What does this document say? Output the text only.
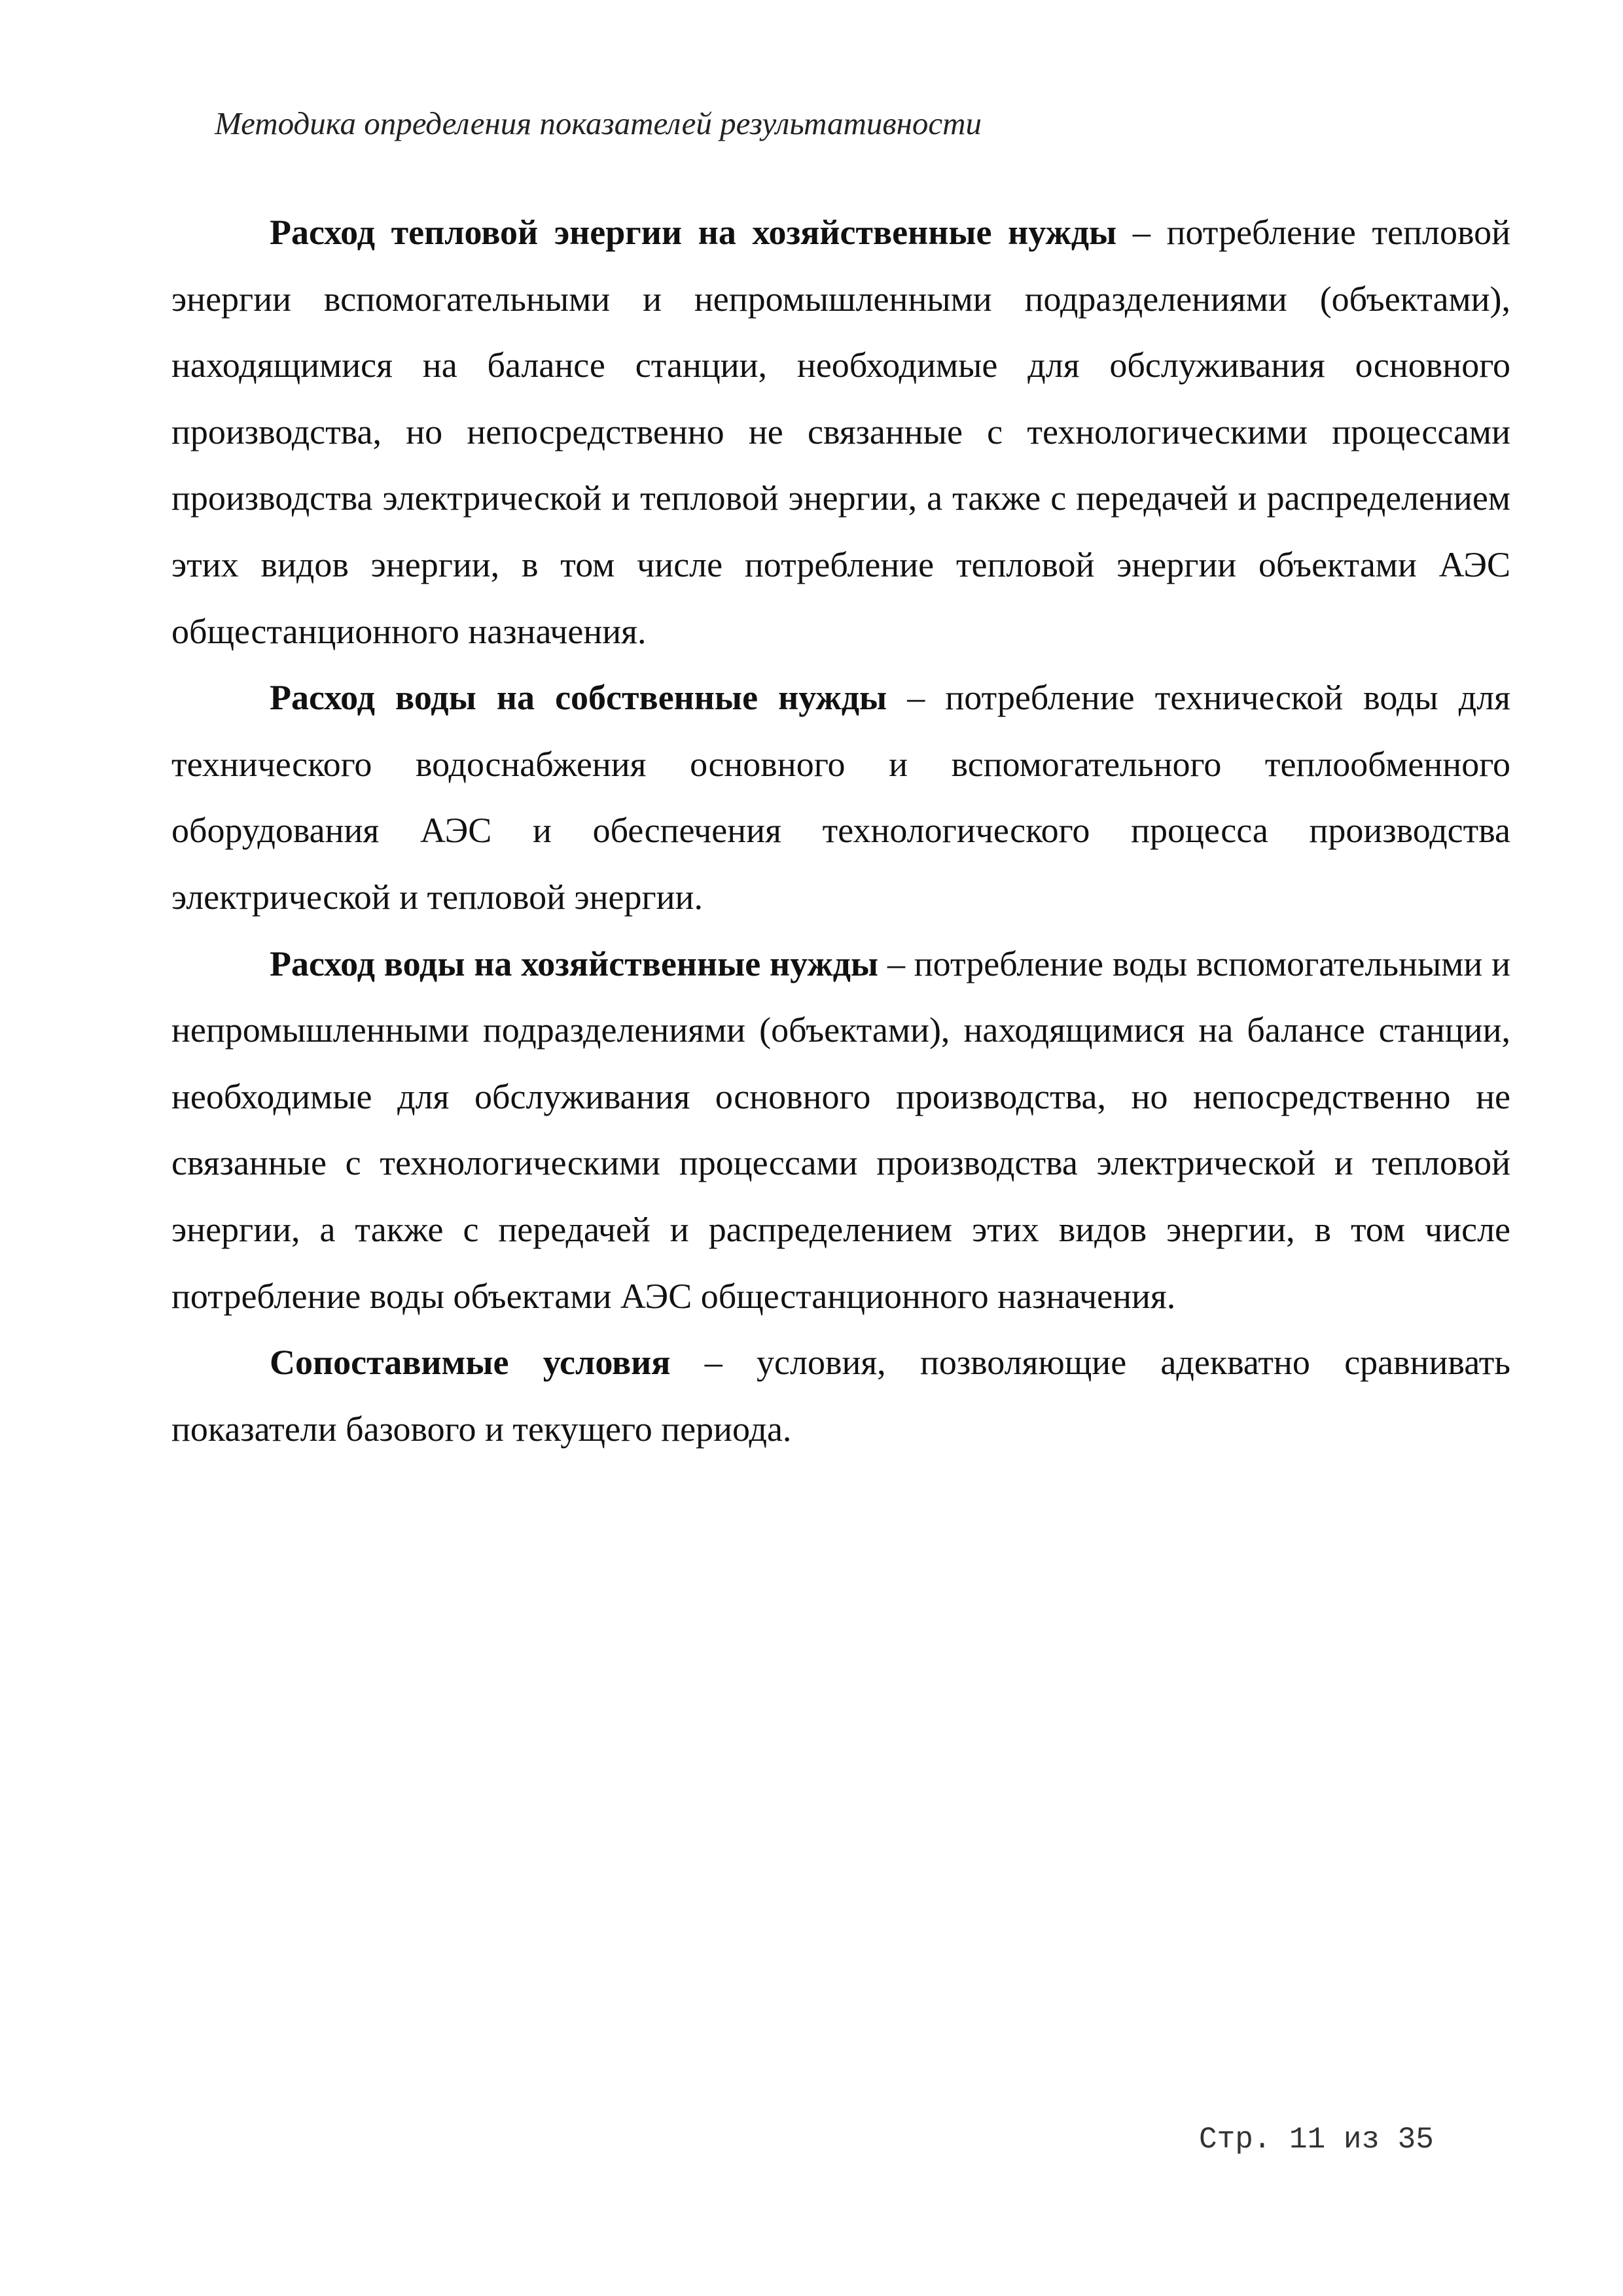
Методика определения показателей результативности

Расход тепловой энергии на хозяйственные нужды – потребление тепловой энергии вспомогательными и непромышленными подразделениями (объектами), находящимися на балансе станции, необходимые для обслуживания основного производства, но непосредственно не связанные с технологическими процессами производства электрической и тепловой энергии, а также с передачей и распределением этих видов энергии, в том числе потребление тепловой энергии объектами АЭС общестанционного назначения.

Расход воды на собственные нужды – потребление технической воды для технического водоснабжения основного и вспомогательного теплообменного оборудования АЭС и обеспечения технологического процесса производства электрической и тепловой энергии.

Расход воды на хозяйственные нужды – потребление воды вспомогательными и непромышленными подразделениями (объектами), находящимися на балансе станции, необходимые для обслуживания основного производства, но непосредственно не связанные с технологическими процессами производства электрической и тепловой энергии, а также с передачей и распределением этих видов энергии, в том числе потребление воды объектами АЭС общестанционного назначения.

Сопоставимые условия – условия, позволяющие адекватно сравнивать показатели базового и текущего периода.

Стр. 11 из 35
